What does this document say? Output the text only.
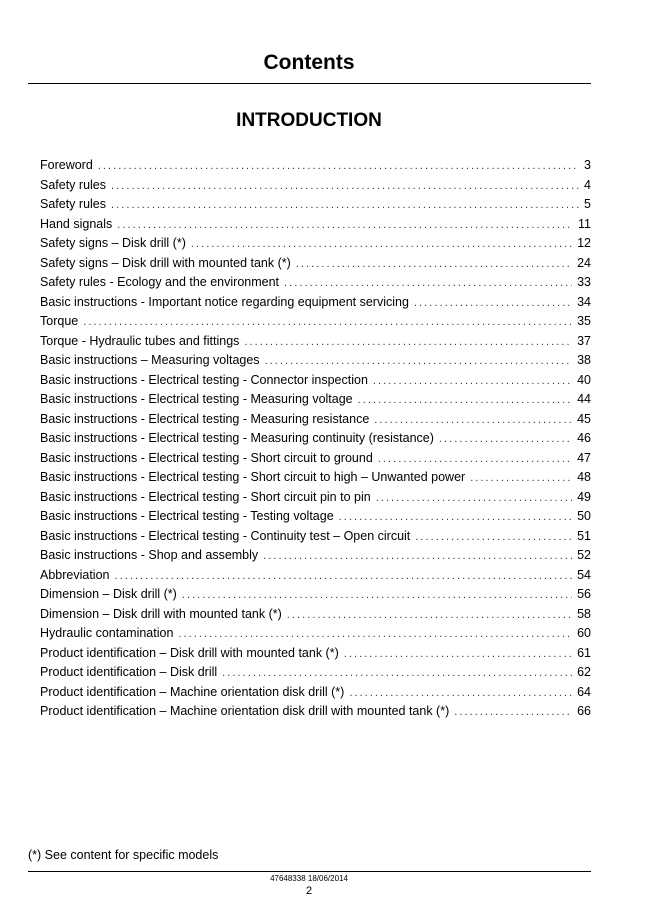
Contents
INTRODUCTION
Foreword . . .	3
Safety rules . . .	4
Safety rules . . .	5
Hand signals . . .	11
Safety signs – Disk drill (*) . . .	12
Safety signs – Disk drill with mounted tank (*) . . .	24
Safety rules - Ecology and the environment . . .	33
Basic instructions - Important notice regarding equipment servicing . . .	34
Torque . . .	35
Torque - Hydraulic tubes and fittings . . .	37
Basic instructions – Measuring voltages . . .	38
Basic instructions - Electrical testing - Connector inspection . . .	40
Basic instructions - Electrical testing - Measuring voltage . . .	44
Basic instructions - Electrical testing - Measuring resistance . . .	45
Basic instructions - Electrical testing - Measuring continuity (resistance) . . .	46
Basic instructions - Electrical testing - Short circuit to ground . . .	47
Basic instructions - Electrical testing - Short circuit to high – Unwanted power . . .	48
Basic instructions - Electrical testing - Short circuit pin to pin . . .	49
Basic instructions - Electrical testing - Testing voltage . . .	50
Basic instructions - Electrical testing - Continuity test – Open circuit . . .	51
Basic instructions - Shop and assembly . . .	52
Abbreviation . . .	54
Dimension – Disk drill (*) . . .	56
Dimension – Disk drill with mounted tank (*) . . .	58
Hydraulic contamination . . .	60
Product identification – Disk drill with mounted tank (*) . . .	61
Product identification – Disk drill . . .	62
Product identification – Machine orientation disk drill (*) . . .	64
Product identification – Machine orientation disk drill with mounted tank (*) . . .	66
(*) See content for specific models
47648338 18/06/2014
2
